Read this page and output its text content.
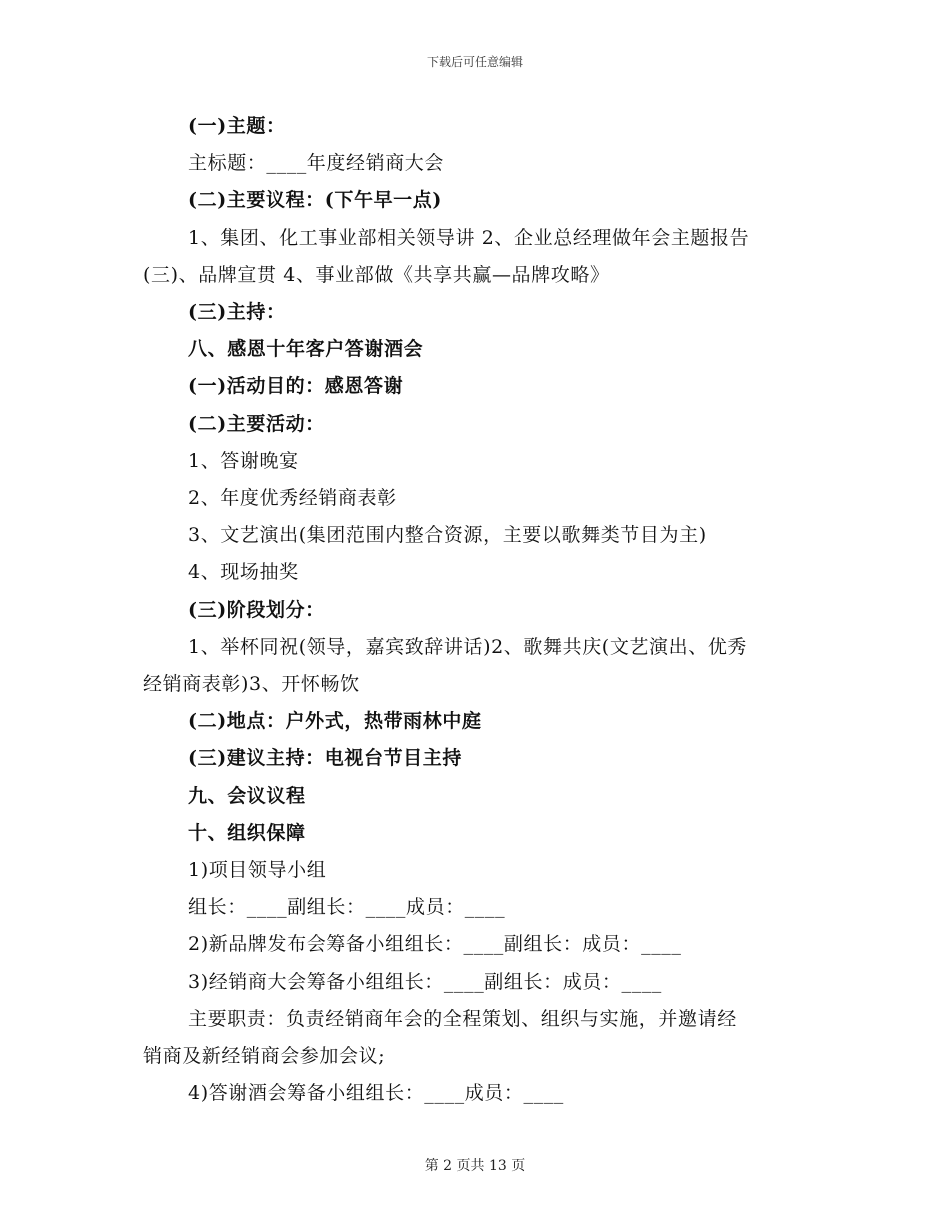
下载后可任意编辑
(一)主题：
主标题：____年度经销商大会
(二)主要议程：(下午早一点)
1、集团、化工事业部相关领导讲 2、企业总经理做年会主题报告
(三)、品牌宣贯 4、事业部做《共享共赢—品牌攻略》
(三)主持：
八、感恩十年客户答谢酒会
(一)活动目的：感恩答谢
(二)主要活动：
1、答谢晚宴
2、年度优秀经销商表彰
3、文艺演出(集团范围内整合资源，主要以歌舞类节目为主)
4、现场抽奖
(三)阶段划分：
1、举杯同祝(领导，嘉宾致辞讲话)2、歌舞共庆(文艺演出、优秀
经销商表彰)3、开怀畅饮
(二)地点：户外式，热带雨林中庭
(三)建议主持：电视台节目主持
九、会议议程
十、组织保障
1)项目领导小组
组长：____副组长：____成员：____
2)新品牌发布会筹备小组组长：____副组长：成员：____
3)经销商大会筹备小组组长：____副组长：成员：____
主要职责：负责经销商年会的全程策划、组织与实施，并邀请经
销商及新经销商会参加会议;
4)答谢酒会筹备小组组长：____成员：____
第 2 页共 13 页
